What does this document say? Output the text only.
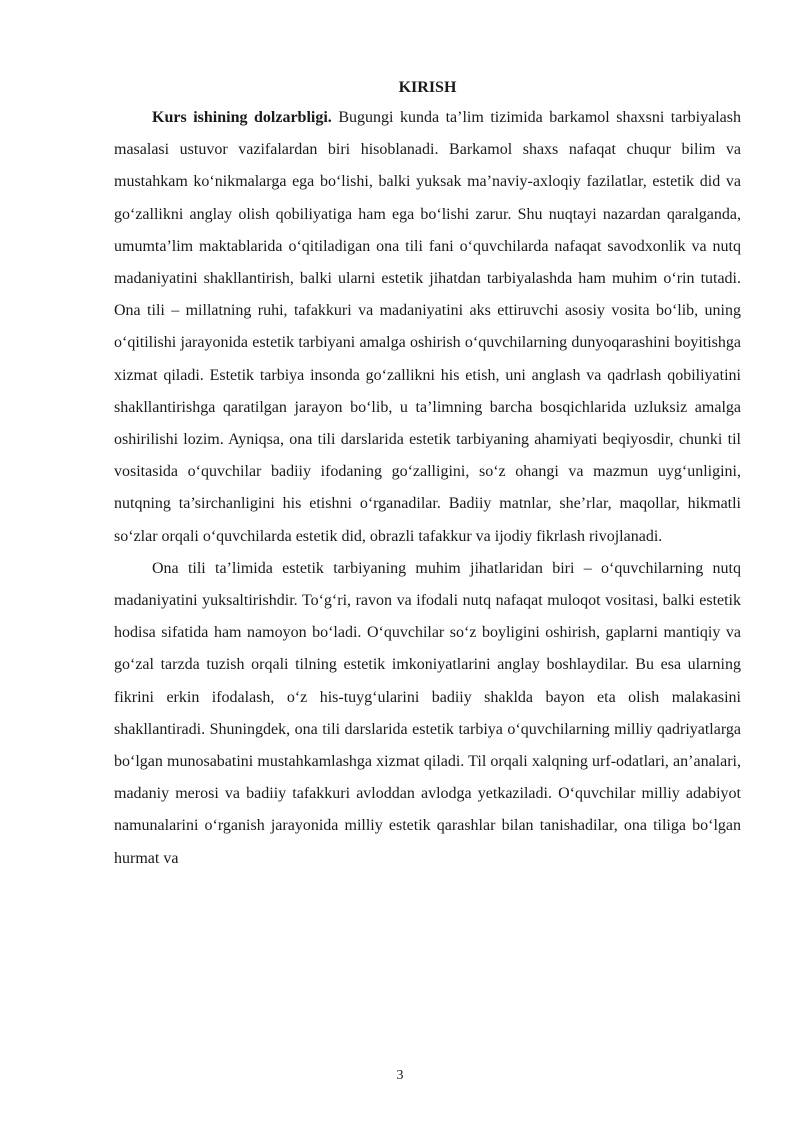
KIRISH

Kurs ishining dolzarbligi. Bugungi kunda ta’lim tizimida barkamol shaxsni tarbiyalash masalasi ustuvor vazifalardan biri hisoblanadi. Barkamol shaxs nafaqat chuqur bilim va mustahkam ko‘nikmalarga ega bo‘lishi, balki yuksak ma’naviy-axloqiy fazilatlar, estetik did va go‘zallikni anglay olish qobiliyatiga ham ega bo‘lishi zarur. Shu nuqtayi nazardan qaralganda, umumta’lim maktablarida o‘qitiladigan ona tili fani o‘quvchilarda nafaqat savodxonlik va nutq madaniyatini shakllantirish, balki ularni estetik jihatdan tarbiyalashda ham muhim o‘rin tutadi. Ona tili – millatning ruhi, tafakkuri va madaniyatini aks ettiruvchi asosiy vosita bo‘lib, uning o‘qitilishi jarayonida estetik tarbiyani amalga oshirish o‘quvchilarning dunyoqarashini boyitishga xizmat qiladi. Estetik tarbiya insonda go‘zallikni his etish, uni anglash va qadrlash qobiliyatini shakllantirishga qaratilgan jarayon bo‘lib, u ta’limning barcha bosqichlarida uzluksiz amalga oshirilishi lozim. Ayniqsa, ona tili darslarida estetik tarbiyaning ahamiyati beqiyosdir, chunki til vositasida o‘quvchilar badiiy ifodaning go‘zalligini, so‘z ohangi va mazmun uyg‘unligini, nutqning ta’sirchanligini his etishni o‘rganadilar. Badiiy matnlar, she’rlar, maqollar, hikmatli so‘zlar orqali o‘quvchilarda estetik did, obrazli tafakkur va ijodiy fikrlash rivojlanadi.

Ona tili ta’limida estetik tarbiyaning muhim jihatlaridan biri – o‘quvchilarning nutq madaniyatini yuksaltirishdir. To‘g‘ri, ravon va ifodali nutq nafaqat muloqot vositasi, balki estetik hodisa sifatida ham namoyon bo‘ladi. O‘quvchilar so‘z boyligini oshirish, gaplarni mantiqiy va go‘zal tarzda tuzish orqali tilning estetik imkoniyatlarini anglay boshlaydilar. Bu esa ularning fikrini erkin ifodalash, o‘z his-tuyg‘ularini badiiy shaklda bayon eta olish malakasini shakllantiradi. Shuningdek, ona tili darslarida estetik tarbiya o‘quvchilarning milliy qadriyatlarga bo‘lgan munosabatini mustahkamlashga xizmat qiladi. Til orqali xalqning urf-odatlari, an’analari, madaniy merosi va badiiy tafakkuri avloddan avlodga yetkaziladi. O‘quvchilar milliy adabiyot namunalarini o‘rganish jarayonida milliy estetik qarashlar bilan tanishadilar, ona tiliga bo‘lgan hurmat va

3
